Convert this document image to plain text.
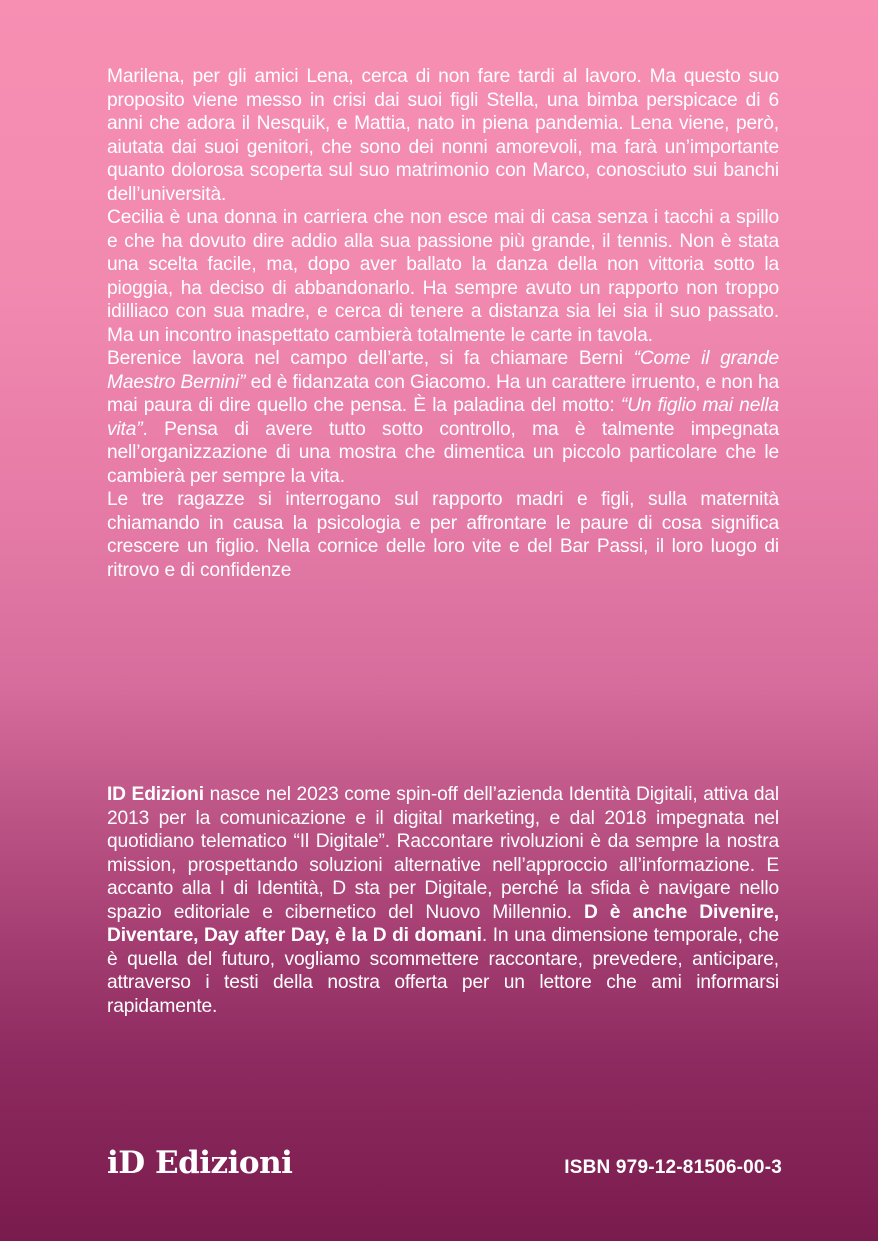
Marilena, per gli amici Lena, cerca di non fare tardi al lavoro. Ma questo suo proposito viene messo in crisi dai suoi figli Stella, una bimba perspicace di 6 anni che adora il Nesquik, e Mattia, nato in piena pandemia. Lena viene, però, aiutata dai suoi genitori, che sono dei nonni amorevoli, ma farà un’importante quanto dolorosa scoperta sul suo matrimonio con Marco, conosciuto sui banchi dell’università.

Cecilia è una donna in carriera che non esce mai di casa senza i tacchi a spillo e che ha dovuto dire addio alla sua passione più grande, il tennis. Non è stata una scelta facile, ma, dopo aver ballato la danza della non vittoria sotto la pioggia, ha deciso di abbandonarlo. Ha sempre avuto un rapporto non troppo idilliaco con sua madre, e cerca di tenere a distanza sia lei sia il suo passato. Ma un incontro inaspettato cambierà totalmente le carte in tavola.

Berenice lavora nel campo dell’arte, si fa chiamare Berni “Come il grande Maestro Bernini” ed è fidanzata con Giacomo. Ha un carattere irruento, e non ha mai paura di dire quello che pensa. È la paladina del motto: “Un figlio mai nella vita”. Pensa di avere tutto sotto controllo, ma è talmente impegnata nell’organizzazione di una mostra che dimentica un piccolo particolare che le cambierà per sempre la vita.

Le tre ragazze si interrogano sul rapporto madri e figli, sulla maternità chiamando in causa la psicologia e per affrontare le paure di cosa significa crescere un figlio. Nella cornice delle loro vite e del Bar Passi, il loro luogo di ritrovo e di confidenze

ID Edizioni nasce nel 2023 come spin-off dell’azienda Identità Digitali, attiva dal 2013 per la comunicazione e il digital marketing, e dal 2018 impegnata nel quotidiano telematico “Il Digitale”. Raccontare rivoluzioni è da sempre la nostra mission, prospettando soluzioni alternative nell’approccio all’informazione. E accanto alla I di Identità, D sta per Digitale, perché la sfida è navigare nello spazio editoriale e cibernetico del Nuovo Millennio. D è anche Divenire, Diventare, Day after Day, è la D di domani. In una dimensione temporale, che è quella del futuro, vogliamo scommettere raccontare, prevedere, anticipare, attraverso i testi della nostra offerta per un lettore che ami informarsi rapidamente.

iD Edizioni	ISBN 979-12-81506-00-3
